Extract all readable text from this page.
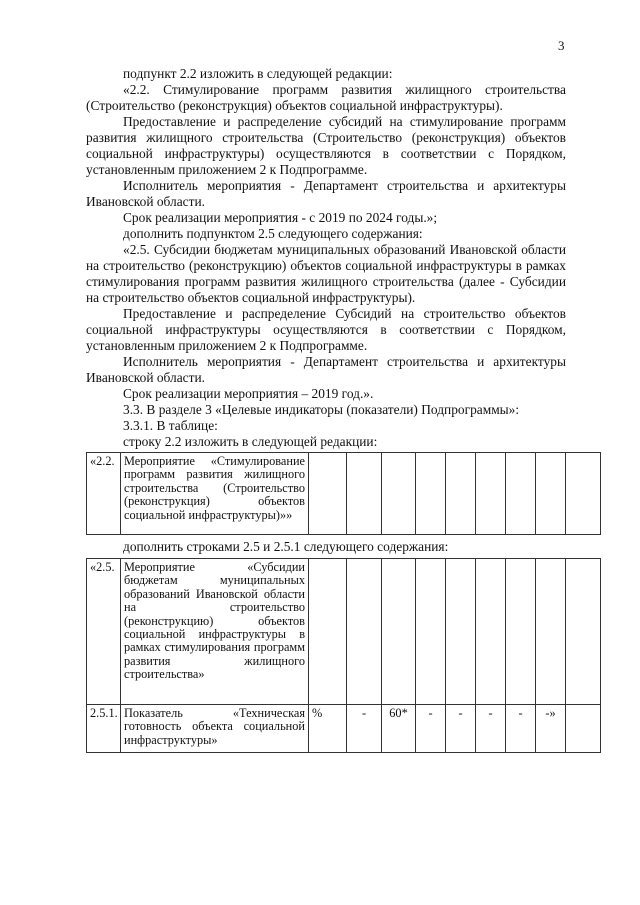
3

подпункт 2.2 изложить в следующей редакции:

«2.2. Стимулирование программ развития жилищного строительства (Строительство (реконструкция) объектов социальной инфраструктуры).

Предоставление и распределение субсидий на стимулирование программ развития жилищного строительства (Строительство (реконструкция) объектов социальной инфраструктуры) осуществляются в соответствии с Порядком, установленным приложением 2 к Подпрограмме.

Исполнитель мероприятия - Департамент строительства и архитектуры Ивановской области.

Срок реализации мероприятия - с 2019 по 2024 годы.»;

дополнить подпунктом 2.5 следующего содержания:

«2.5. Субсидии бюджетам муниципальных образований Ивановской области на строительство (реконструкцию) объектов социальной инфраструктуры в рамках стимулирования программ развития жилищного строительства (далее - Субсидии на строительство объектов социальной инфраструктуры).

Предоставление и распределение Субсидий на строительство объектов социальной инфраструктуры осуществляются в соответствии с Порядком, установленным приложением 2 к Подпрограмме.

Исполнитель мероприятия - Департамент строительства и архитектуры Ивановской области.

Срок реализации мероприятия – 2019 год.».

3.3. В разделе 3 «Целевые индикаторы (показатели) Подпрограммы»:

3.3.1. В таблице:

строку 2.2 изложить в следующей редакции:

«2.2.	Мероприятие «Стимулирование программ развития жилищного строительства (Строительство (реконструкция) объектов социальной инфраструктуры)»»									

дополнить строками 2.5 и 2.5.1 следующего содержания:

«2.5.	Мероприятие «Субсидии бюджетам муниципальных образований Ивановской области на строительство (реконструкцию) объектов социальной инфраструктуры в рамках стимулирования программ развития жилищного строительства»									
2.5.1.	Показатель «Техническая готовность объекта социальной инфраструктуры»	%	-	60*	-	-	-	-	-»	
